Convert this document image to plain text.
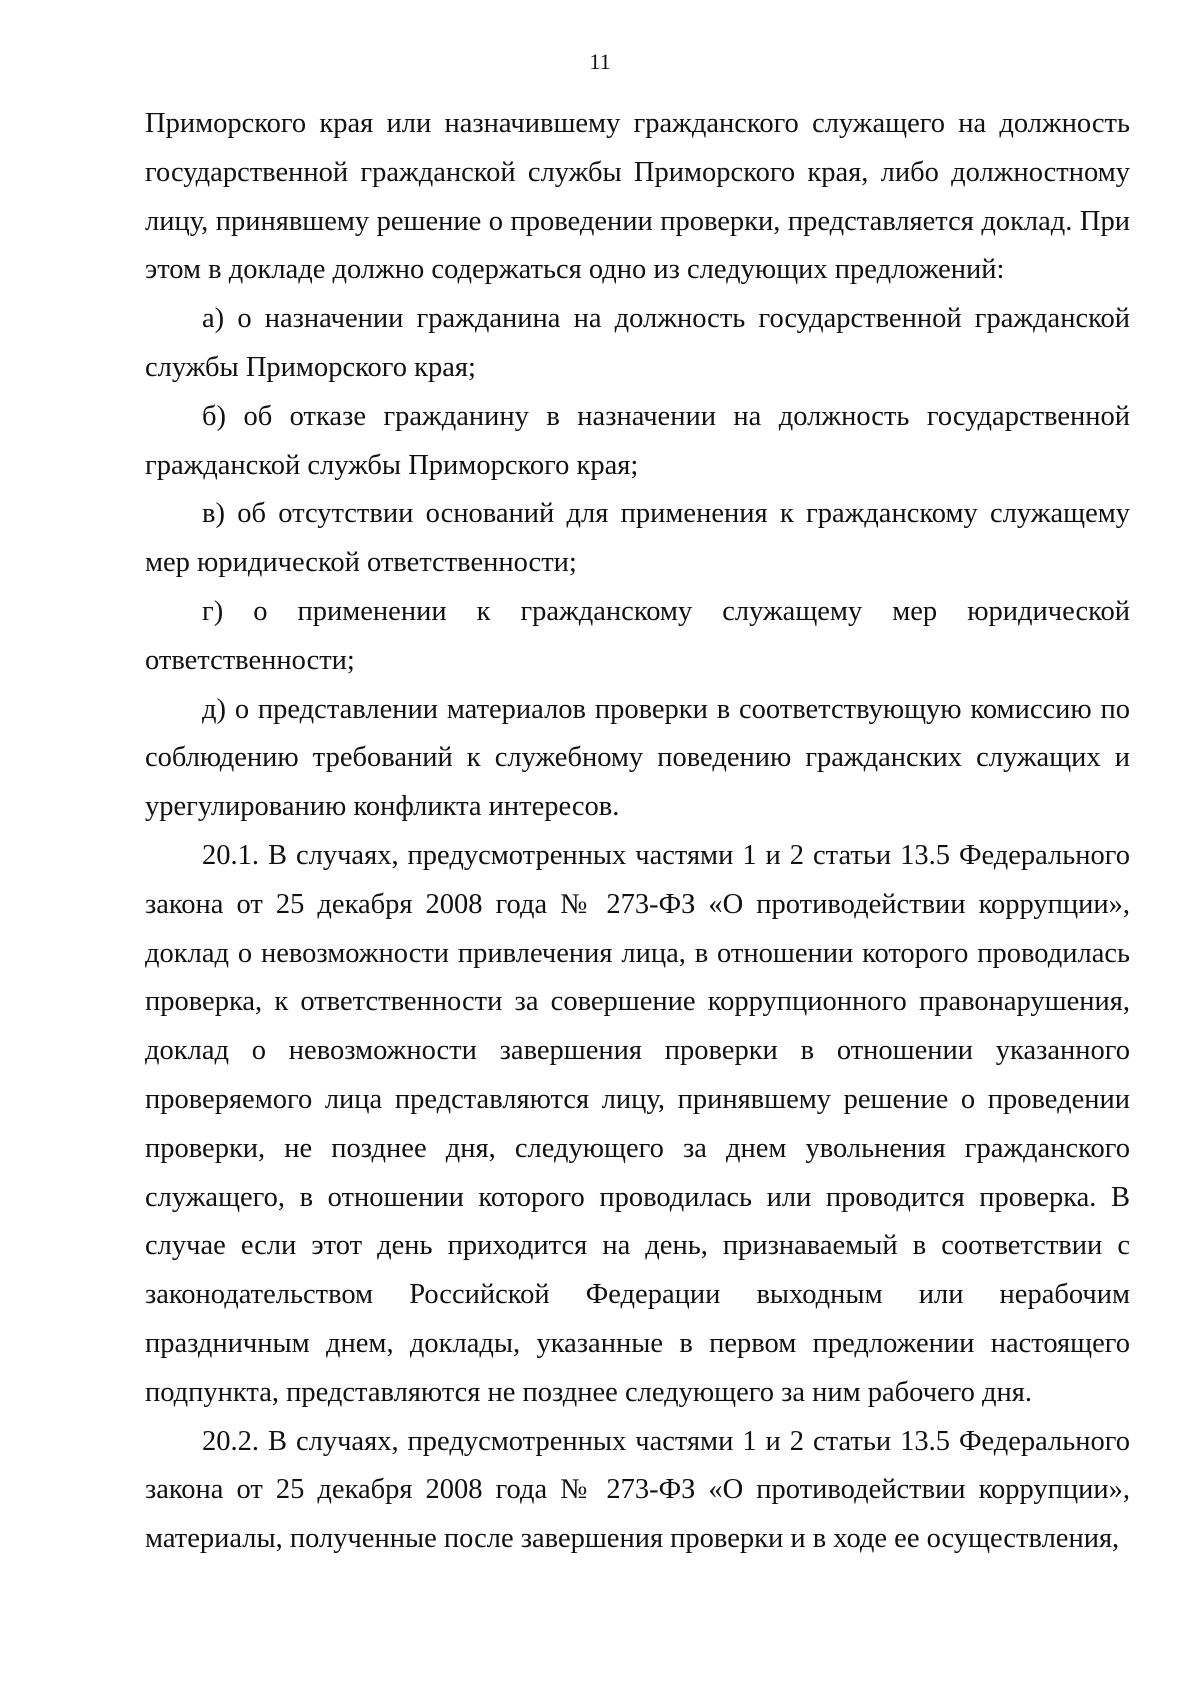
11

Приморского края или назначившему гражданского служащего на должность государственной гражданской службы Приморского края, либо должностному лицу, принявшему решение о проведении проверки, представляется доклад. При этом в докладе должно содержаться одно из следующих предложений:

а) о назначении гражданина на должность государственной гражданской службы Приморского края;

б) об отказе гражданину в назначении на должность государственной гражданской службы Приморского края;

в) об отсутствии оснований для применения к гражданскому служащему мер юридической ответственности;

г) о применении к гражданскому служащему мер юридической ответственности;

д) о представлении материалов проверки в соответствующую комиссию по соблюдению требований к служебному поведению гражданских служащих и урегулированию конфликта интересов.

20.1. В случаях, предусмотренных частями 1 и 2 статьи 13.5 Федерального закона от 25 декабря 2008 года № 273-ФЗ «О противодействии коррупции», доклад о невозможности привлечения лица, в отношении которого проводилась проверка, к ответственности за совершение коррупционного правонарушения, доклад о невозможности завершения проверки в отношении указанного проверяемого лица представляются лицу, принявшему решение о проведении проверки, не позднее дня, следующего за днем увольнения гражданского служащего, в отношении которого проводилась или проводится проверка. В случае если этот день приходится на день, признаваемый в соответствии с законодательством Российской Федерации выходным или нерабочим праздничным днем, доклады, указанные в первом предложении настоящего подпункта, представляются не позднее следующего за ним рабочего дня.

20.2. В случаях, предусмотренных частями 1 и 2 статьи 13.5 Федерального закона от 25 декабря 2008 года № 273-ФЗ «О противодействии коррупции», материалы, полученные после завершения проверки и в ходе ее осуществления,
